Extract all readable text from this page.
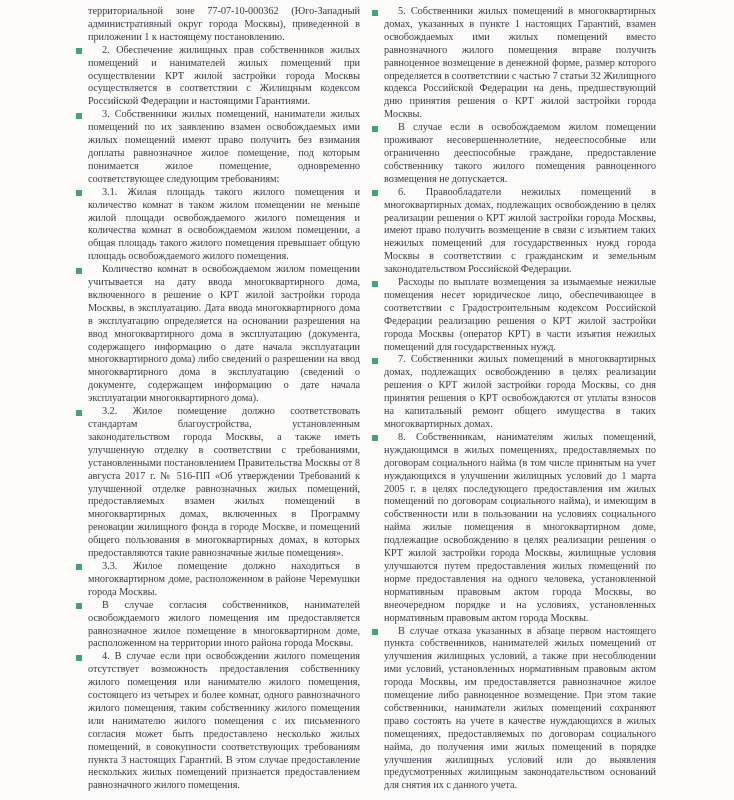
территориальной зоне 77-07-10-000362 (Юго-Западный административный округ города Москвы), приведенной в приложении 1 к настоящему постановлению.

2. Обеспечение жилищных прав собственников жилых помещений и нанимателей жилых помещений при осуществлении КРТ жилой застройки города Москвы осуществляется в соответствии с Жилищным кодексом Российской Федерации и настоящими Гарантиями.

3. Собственники жилых помещений, наниматели жилых помещений по их заявлению взамен освобождаемых ими жилых помещений имеют право получить без взимания доплаты равнозначное жилое помещение, под которым понимается жилое помещение, одновременно соответствующее следующим требованиям:

3.1. Жилая площадь такого жилого помещения и количество комнат в таком жилом помещении не меньше жилой площади освобождаемого жилого помещения и количества комнат в освобождаемом жилом помещении, а общая площадь такого жилого помещения превышает общую площадь освобождаемого жилого помещения.

Количество комнат в освобождаемом жилом помещении учитывается на дату ввода многоквартирного дома, включенного в решение о КРТ жилой застройки города Москвы, в эксплуатацию. Дата ввода многоквартирного дома в эксплуатацию определяется на основании разрешения на ввод многоквартирного дома в эксплуатацию (документа, содержащего информацию о дате начала эксплуатации многоквартирного дома) либо сведений о разрешении на ввод многоквартирного дома в эксплуатацию (сведений о документе, содержащем информацию о дате начала эксплуатации многоквартирного дома).

3.2. Жилое помещение должно соответствовать стандартам благоустройства, установленным законодательством города Москвы, а также иметь улучшенную отделку в соответствии с требованиями, установленными постановлением Правительства Москвы от 8 августа 2017 г. № 516-ПП «Об утверждении Требований к улучшенной отделке равнозначных жилых помещений, предоставляемых взамен жилых помещений в многоквартирных домах, включенных в Программу реновации жилищного фонда в городе Москве, и помещений общего пользования в многоквартирных домах, в которых предоставляются такие равнозначные жилые помещения».

3.3. Жилое помещение должно находиться в многоквартирном доме, расположенном в районе Черемушки города Москвы.

В случае согласия собственников, нанимателей освобождаемого жилого помещения им предоставляется равнозначное жилое помещение в многоквартирном доме, расположенном на территории иного района города Москвы.

4. В случае если при освобождении жилого помещения отсутствует возможность предоставления собственнику жилого помещения или нанимателю жилого помещения, состоящего из четырех и более комнат, одного равнозначного жилого помещения, таким собственнику жилого помещения или нанимателю жилого помещения с их письменного согласия может быть предоставлено несколько жилых помещений, в совокупности соответствующих требованиям пункта 3 настоящих Гарантий. В этом случае предоставление нескольких жилых помещений признается предоставлением равнозначного жилого помещения.

5. Собственники жилых помещений в многоквартирных домах, указанных в пункте 1 настоящих Гарантий, взамен освобождаемых ими жилых помещений вместо равнозначного жилого помещения вправе получить равноценное возмещение в денежной форме, размер которого определяется в соответствии с частью 7 статьи 32 Жилищного кодекса Российской Федерации на день, предшествующий дню принятия решения о КРТ жилой застройки города Москвы.

В случае если в освобождаемом жилом помещении проживают несовершеннолетние, недееспособные или ограниченно дееспособные граждане, предоставление собственнику такого жилого помещения равноценного возмещения не допускается.

6. Правообладатели нежилых помещений в многоквартирных домах, подлежащих освобождению в целях реализации решения о КРТ жилой застройки города Москвы, имеют право получить возмещение в связи с изъятием таких нежилых помещений для государственных нужд города Москвы в соответствии с гражданским и земельным законодательством Российской Федерации.

Расходы по выплате возмещения за изымаемые нежилые помещения несет юридическое лицо, обеспечивающее в соответствии с Градостроительным кодексом Российской Федерации реализацию решения о КРТ жилой застройки города Москвы (оператор КРТ) в части изъятия нежилых помещений для государственных нужд.

7. Собственники жилых помещений в многоквартирных домах, подлежащих освобождению в целях реализации решения о КРТ жилой застройки города Москвы, со дня принятия решения о КРТ освобождаются от уплаты взносов на капитальный ремонт общего имущества в таких многоквартирных домах.

8. Собственникам, нанимателям жилых помещений, нуждающимся в жилых помещениях, предоставляемых по договорам социального найма (в том числе принятым на учет нуждающихся в улучшении жилищных условий до 1 марта 2005 г. в целях последующего предоставления им жилых помещений по договорам социального найма), и имеющим в собственности или в пользовании на условиях социального найма жилые помещения в многоквартирном доме, подлежащие освобождению в целях реализации решения о КРТ жилой застройки города Москвы, жилищные условия улучшаются путем предоставления жилых помещений по норме предоставления на одного человека, установленной нормативным правовым актом города Москвы, во внеочередном порядке и на условиях, установленных нормативным правовым актом города Москвы.

В случае отказа указанных в абзаце первом настоящего пункта собственников, нанимателей жилых помещений от улучшения жилищных условий, а также при несоблюдении ими условий, установленных нормативным правовым актом города Москвы, им предоставляется равнозначное жилое помещение либо равноценное возмещение. При этом такие собственники, наниматели жилых помещений сохраняют право состоять на учете в качестве нуждающихся в жилых помещениях, предоставляемых по договорам социального найма, до получения ими жилых помещений в порядке улучшения жилищных условий или до выявления предусмотренных жилищным законодательством оснований для снятия их с данного учета.
